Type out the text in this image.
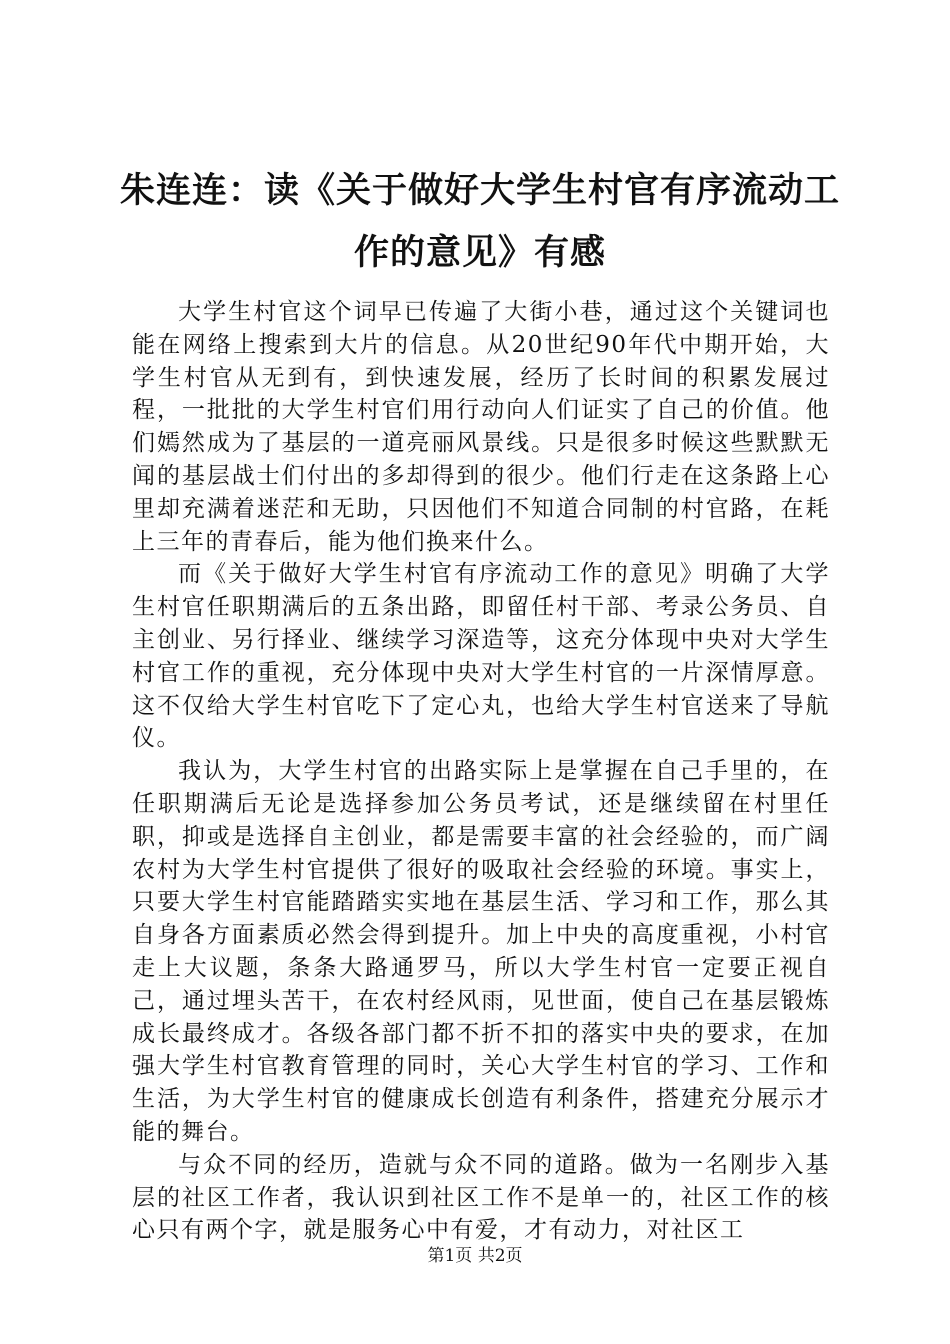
朱连连：读《关于做好大学生村官有序流动工作的意见》有感

大学生村官这个词早已传遍了大街小巷，通过这个关键词也能在网络上搜索到大片的信息。从20世纪90年代中期开始，大学生村官从无到有，到快速发展，经历了长时间的积累发展过程，一批批的大学生村官们用行动向人们证实了自己的价值。他们嫣然成为了基层的一道亮丽风景线。只是很多时候这些默默无闻的基层战士们付出的多却得到的很少。他们行走在这条路上心里却充满着迷茫和无助，只因他们不知道合同制的村官路，在耗上三年的青春后，能为他们换来什么。

而《关于做好大学生村官有序流动工作的意见》明确了大学生村官任职期满后的五条出路，即留任村干部、考录公务员、自主创业、另行择业、继续学习深造等，这充分体现中央对大学生村官工作的重视，充分体现中央对大学生村官的一片深情厚意。这不仅给大学生村官吃下了定心丸，也给大学生村官送来了导航仪。

我认为，大学生村官的出路实际上是掌握在自己手里的，在任职期满后无论是选择参加公务员考试，还是继续留在村里任职，抑或是选择自主创业，都是需要丰富的社会经验的，而广阔农村为大学生村官提供了很好的吸取社会经验的环境。事实上，只要大学生村官能踏踏实实地在基层生活、学习和工作，那么其自身各方面素质必然会得到提升。加上中央的高度重视，小村官走上大议题，条条大路通罗马，所以大学生村官一定要正视自己，通过埋头苦干，在农村经风雨，见世面，使自己在基层锻炼成长最终成才。各级各部门都不折不扣的落实中央的要求，在加强大学生村官教育管理的同时，关心大学生村官的学习、工作和生活，为大学生村官的健康成长创造有利条件，搭建充分展示才能的舞台。

与众不同的经历，造就与众不同的道路。做为一名刚步入基层的社区工作者，我认识到社区工作不是单一的，社区工作的核心只有两个字，就是服务心中有爱，才有动力，对社区工

第1页 共2页
